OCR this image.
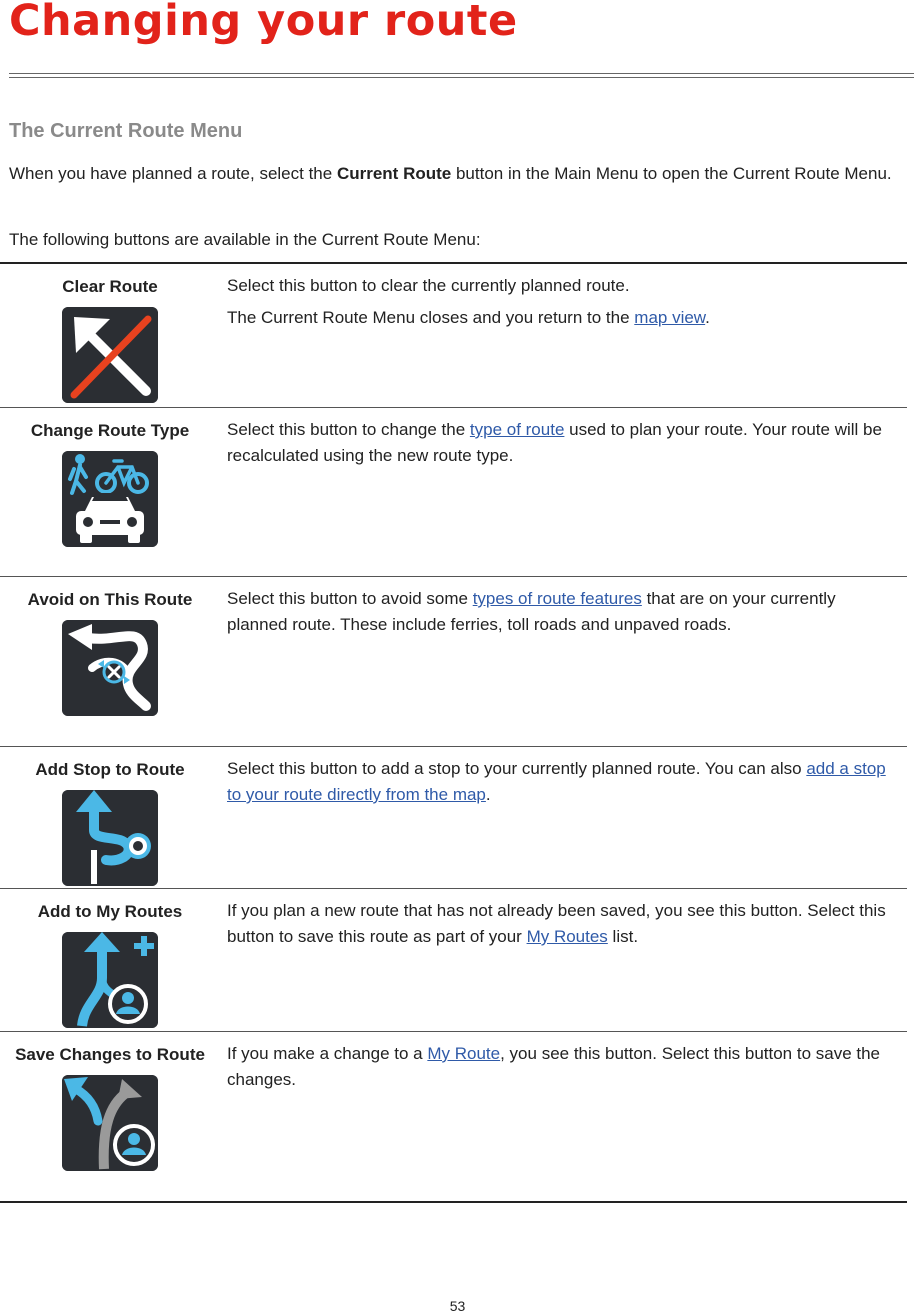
Changing your route
The Current Route Menu

When you have planned a route, select the Current Route button in the Main Menu to open the Current Route Menu.

The following buttons are available in the Current Route Menu:

Clear Route	Select this button to clear the currently planned route.

The Current Route Menu closes and you return to the map view.

Change Route Type	Select this button to change the type of route used to plan your route. Your route will be recalculated using the new route type.

Avoid on This Route	Select this button to avoid some types of route features that are on your currently planned route. These include ferries, toll roads and unpaved roads.

Add Stop to Route	Select this button to add a stop to your currently planned route. You can also add a stop to your route directly from the map.

Add to My Routes	If you plan a new route that has not already been saved, you see this button. Select this button to save this route as part of your My Routes list.

Save Changes to Route	If you make a change to a My Route, you see this button. Select this button to save the changes.

53
